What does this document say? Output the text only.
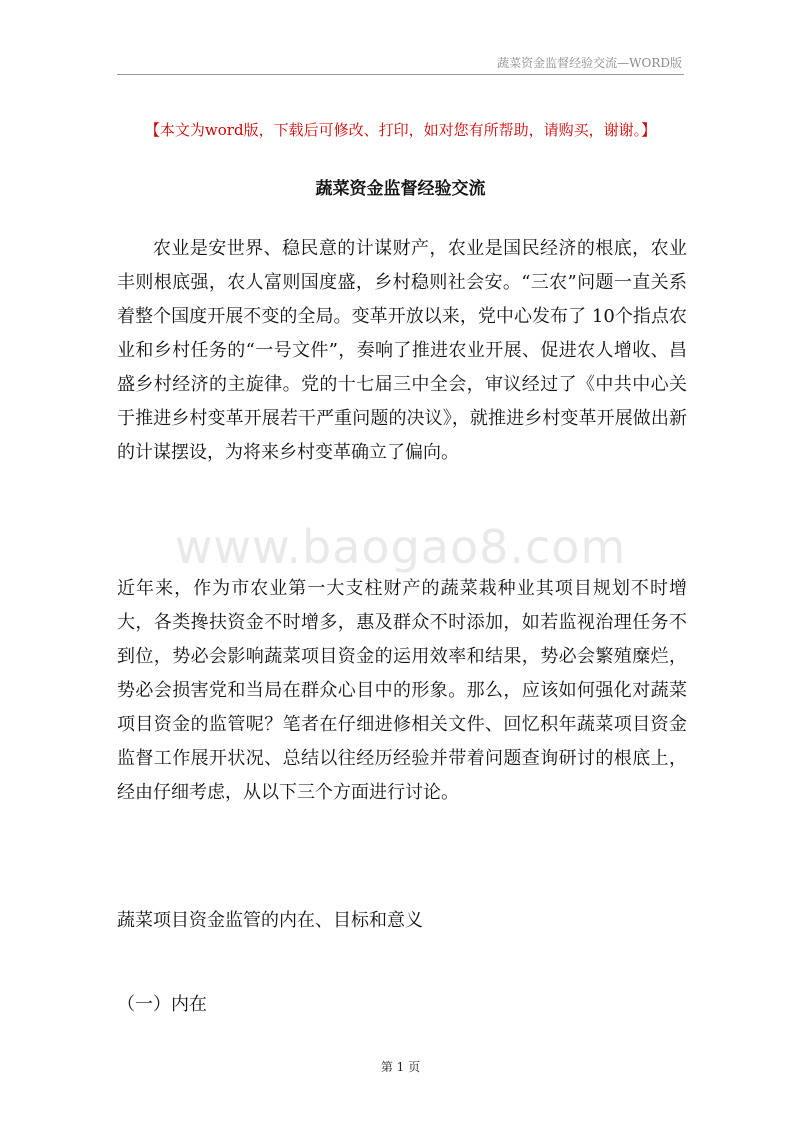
蔬菜资金监督经验交流—WORD版
【本文为word版，下载后可修改、打印，如对您有所帮助，请购买，谢谢。】
蔬菜资金监督经验交流

农业是安世界、稳民意的计谋财产，农业是国民经济的根底，农业丰则根底强，农人富则国度盛，乡村稳则社会安。“三农”问题一直关系着整个国度开展不变的全局。变革开放以来，党中心发布了 10个指点农业和乡村任务的“一号文件”，奏响了推进农业开展、促进农人增收、昌盛乡村经济的主旋律。党的十七届三中全会，审议经过了《中共中心关于推进乡村变革开展若干严重问题的决议》，就推进乡村变革开展做出新的计谋摆设，为将来乡村变革确立了偏向。

www.baogao8.com

近年来，作为市农业第一大支柱财产的蔬菜栽种业其项目规划不时增大，各类搀扶资金不时增多，惠及群众不时添加，如若监视治理任务不到位，势必会影响蔬菜项目资金的运用效率和结果，势必会繁殖糜烂，势必会损害党和当局在群众心目中的形象。那么，应该如何强化对蔬菜项目资金的监管呢？笔者在仔细进修相关文件、回忆积年蔬菜项目资金监督工作展开状况、总结以往经历经验并带着问题查询研讨的根底上，经由仔细考虑，从以下三个方面进行讨论。

蔬菜项目资金监管的内在、目标和意义
（一）内在
第 1 页
